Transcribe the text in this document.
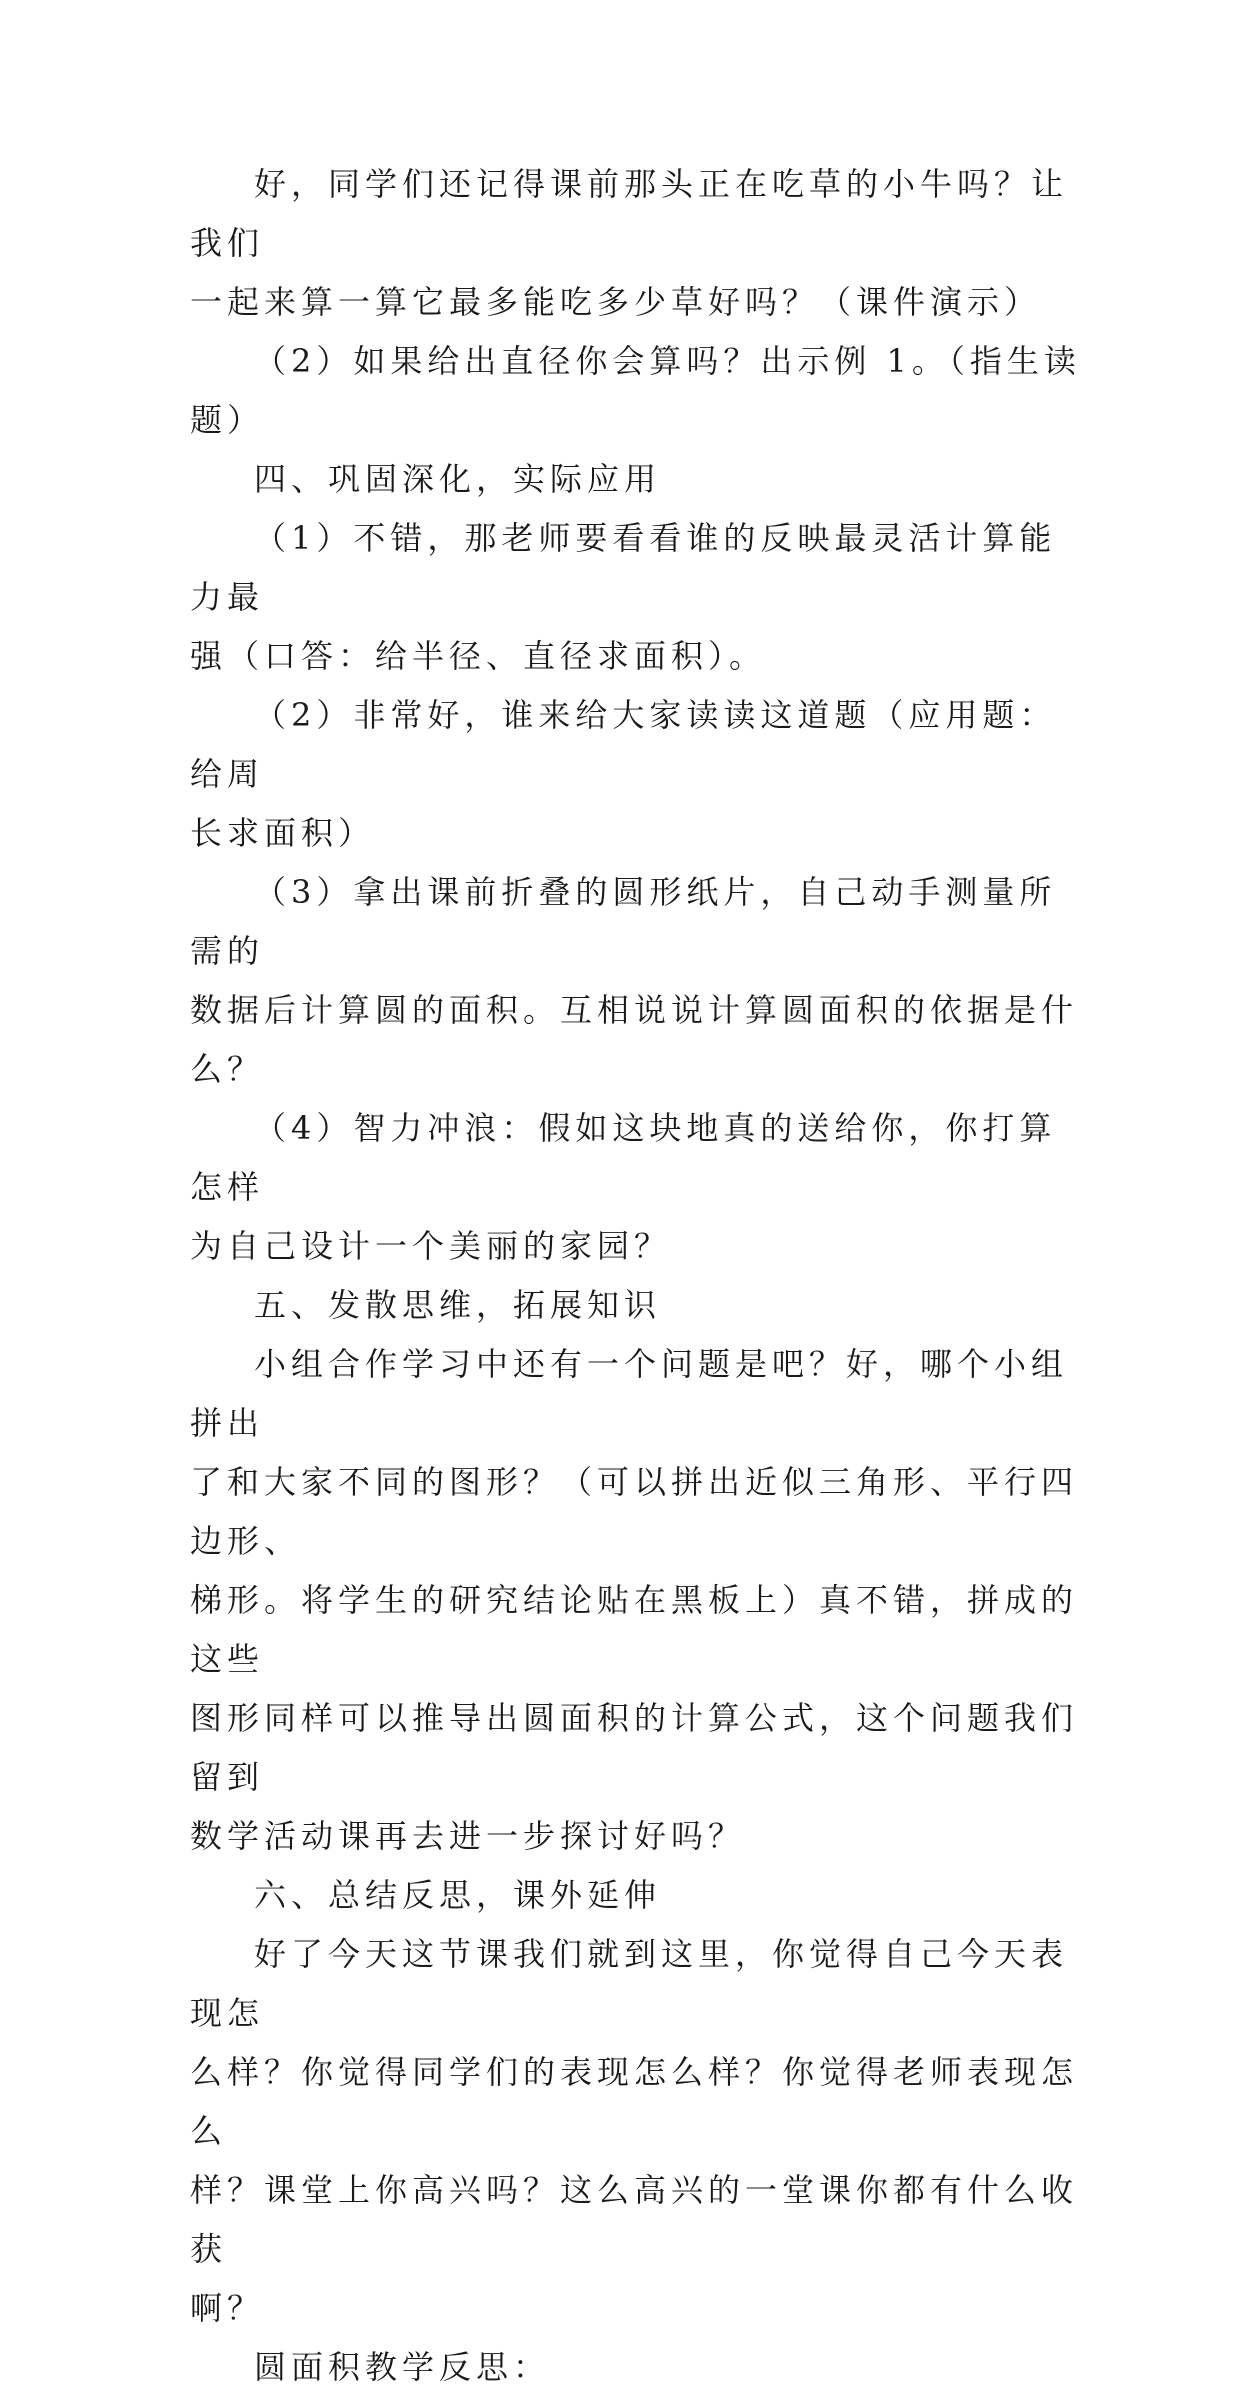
好，同学们还记得课前那头正在吃草的小牛吗？让我们
一起来算一算它最多能吃多少草好吗？（课件演示）
（2）如果给出直径你会算吗？出示例 1。（指生读题）
四、巩固深化，实际应用
（1）不错，那老师要看看谁的反映最灵活计算能力最
强（口答：给半径、直径求面积）。
（2）非常好，谁来给大家读读这道题（应用题：给周
长求面积）
（3）拿出课前折叠的圆形纸片，自己动手测量所需的
数据后计算圆的面积。互相说说计算圆面积的依据是什么？
（4）智力冲浪：假如这块地真的送给你，你打算怎样
为自己设计一个美丽的家园？
五、发散思维，拓展知识
小组合作学习中还有一个问题是吧？好，哪个小组拼出
了和大家不同的图形？（可以拼出近似三角形、平行四边形、
梯形。将学生的研究结论贴在黑板上）真不错，拼成的这些
图形同样可以推导出圆面积的计算公式，这个问题我们留到
数学活动课再去进一步探讨好吗？
六、总结反思，课外延伸
好了今天这节课我们就到这里，你觉得自己今天表现怎
么样？你觉得同学们的表现怎么样？你觉得老师表现怎么
样？课堂上你高兴吗？这么高兴的一堂课你都有什么收获
啊？
圆面积教学反思：
